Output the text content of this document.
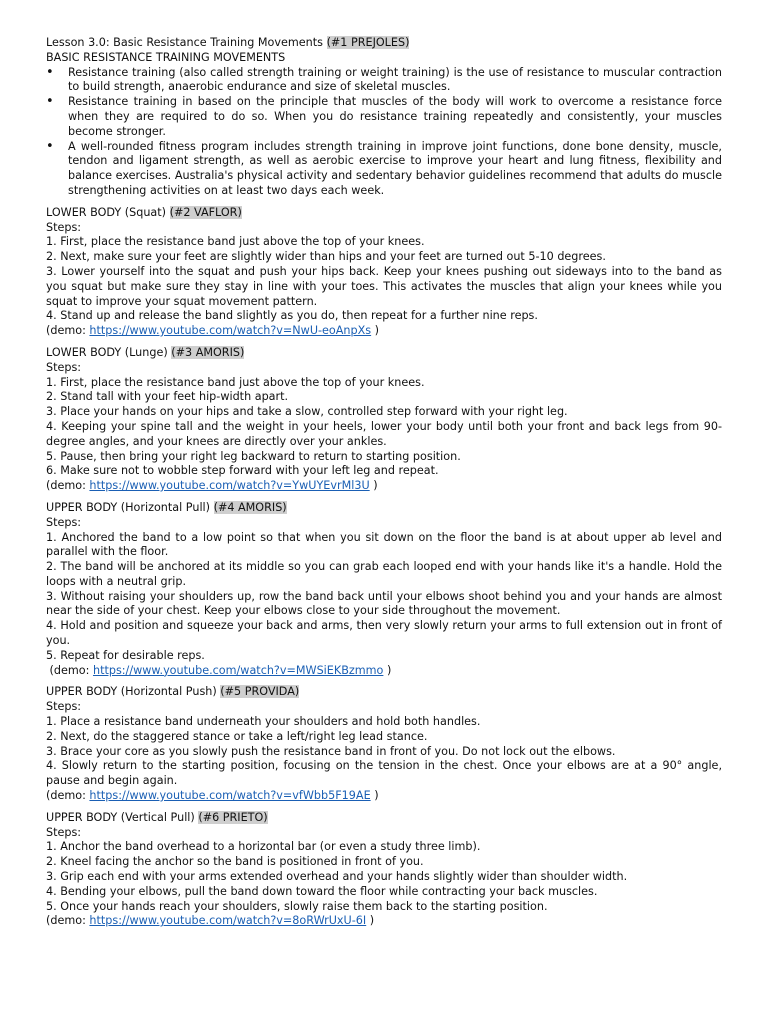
Lesson 3.0: Basic Resistance Training Movements (#1 PREJOLES)

BASIC RESISTANCE TRAINING MOVEMENTS

• Resistance training (also called strength training or weight training) is the use of resistance to muscular contraction to build strength, anaerobic endurance and size of skeletal muscles.
• Resistance training in based on the principle that muscles of the body will work to overcome a resistance force when they are required to do so. When you do resistance training repeatedly and consistently, your muscles become stronger.
• A well-rounded fitness program includes strength training in improve joint functions, done bone density, muscle, tendon and ligament strength, as well as aerobic exercise to improve your heart and lung fitness, flexibility and balance exercises. Australia's physical activity and sedentary behavior guidelines recommend that adults do muscle strengthening activities on at least two days each week.

LOWER BODY (Squat) (#2 VAFLOR)

Steps:

1. First, place the resistance band just above the top of your knees.

2. Next, make sure your feet are slightly wider than hips and your feet are turned out 5-10 degrees.

3. Lower yourself into the squat and push your hips back. Keep your knees pushing out sideways into to the band as you squat but make sure they stay in line with your toes. This activates the muscles that align your knees while you squat to improve your squat movement pattern.

4. Stand up and release the band slightly as you do, then repeat for a further nine reps.

(demo: https://www.youtube.com/watch?v=NwU-eoAnpXs )

LOWER BODY (Lunge) (#3 AMORIS)

Steps:

1. First, place the resistance band just above the top of your knees.

2. Stand tall with your feet hip-width apart.

3. Place your hands on your hips and take a slow, controlled step forward with your right leg.

4. Keeping your spine tall and the weight in your heels, lower your body until both your front and back legs from 90-degree angles, and your knees are directly over your ankles.

5. Pause, then bring your right leg backward to return to starting position.

6. Make sure not to wobble step forward with your left leg and repeat.

(demo: https://www.youtube.com/watch?v=YwUYEvrMl3U )

UPPER BODY (Horizontal Pull) (#4 AMORIS)

Steps:

1. Anchored the band to a low point so that when you sit down on the floor the band is at about upper ab level and parallel with the floor.

2. The band will be anchored at its middle so you can grab each looped end with your hands like it's a handle. Hold the loops with a neutral grip.

3. Without raising your shoulders up, row the band back until your elbows shoot behind you and your hands are almost near the side of your chest. Keep your elbows close to your side throughout the movement.

4. Hold and position and squeeze your back and arms, then very slowly return your arms to full extension out in front of you.

5. Repeat for desirable reps.

(demo: https://www.youtube.com/watch?v=MWSiEKBzmmo )

UPPER BODY (Horizontal Push) (#5 PROVIDA)

Steps:

1. Place a resistance band underneath your shoulders and hold both handles.

2. Next, do the staggered stance or take a left/right leg lead stance.

3. Brace your core as you slowly push the resistance band in front of you. Do not lock out the elbows.

4. Slowly return to the starting position, focusing on the tension in the chest. Once your elbows are at a 90° angle, pause and begin again.

(demo: https://www.youtube.com/watch?v=vfWbb5F19AE )

UPPER BODY (Vertical Pull) (#6 PRIETO)

Steps:

1. Anchor the band overhead to a horizontal bar (or even a study three limb).

2. Kneel facing the anchor so the band is positioned in front of you.

3. Grip each end with your arms extended overhead and your hands slightly wider than shoulder width.

4. Bending your elbows, pull the band down toward the floor while contracting your back muscles.

5. Once your hands reach your shoulders, slowly raise them back to the starting position.

(demo: https://www.youtube.com/watch?v=8oRWrUxU-6I )
